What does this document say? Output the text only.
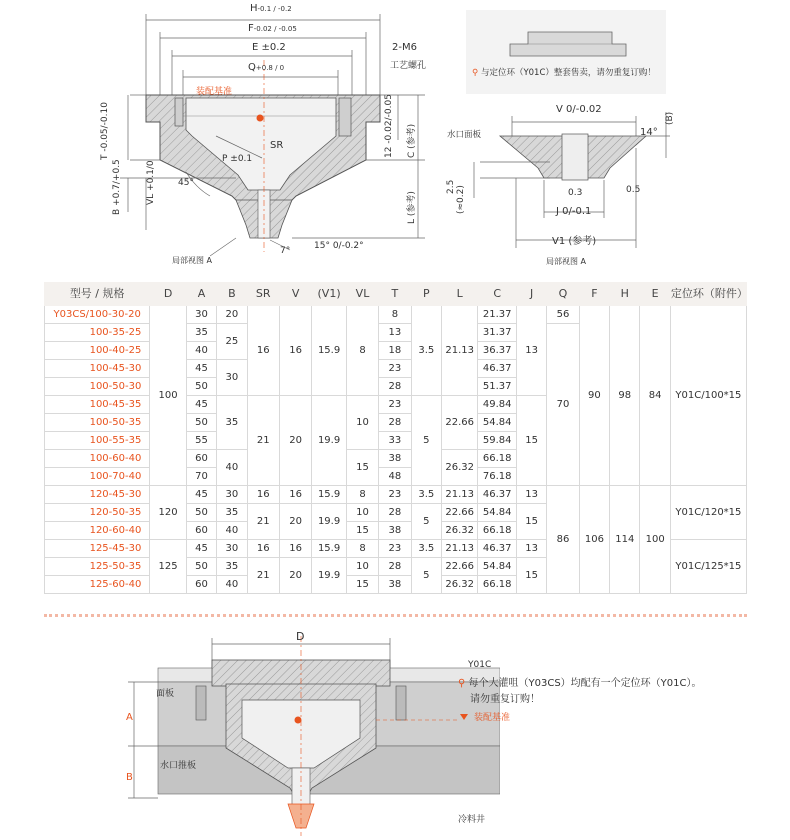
H-0.1 / -0.2
F-0.02 / -0.05
E ±0.2
Q+0.8 / 0
2-M6
工艺螺孔
装配基准
T -0.05/-0.10
B +0.7/+0.5	VL +0.1/0 45°
SR
P ±0.1
12 -0.02/-0.05	C (参考)
L (参考)
7°	15° 0/-0.2°
局部视图 A
⚲ 与定位环（Y01C）整套售卖，请勿重复订购！
V 0/-0.02
14°
(B)
水口面板
2.5 (≈0.2)	0.3	0.5
J 0/-0.1
V1 (参考)
局部视图 A
型号 / 规格	D	A	B	SR	V	(V1)	VL	T	P	L	C	J	Q	F	H	E	定位环（附件）
Y03CS/100-30-20	100	30	20	16	16	15.9	8	8	3.5	21.13	21.37	13	56	90	98	84	Y01C/100*15
100-35-25		35	25					13			31.37		70				
100-40-25		40						18			36.37						
100-45-30		45	30					23			46.37						
100-50-30		50						28			51.37						
100-45-35		45	35	21	20	19.9	10	23	5	22.66	49.84	15					
100-50-35		50						28			54.84						
100-55-35		55						33			59.84						
100-60-40		60	40				15	38		26.32	66.18						
100-70-40		70						48			76.18						
120-45-30	120	45	30	16	16	15.9	8	23	3.5	21.13	46.37	13	86	106	114	100	Y01C/120*15
120-50-35		50	35	21	20	19.9	10	28	5	22.66	54.84	15					
120-60-40		60	40				15	38		26.32	66.18						
125-45-30	125	45	30	16	16	15.9	8	23	3.5	21.13	46.37	13					Y01C/125*15
125-50-35		50	35	21	20	19.9	10	28	5	22.66	54.84	15					
125-60-40		60	40				15	38		26.32	66.18						
D
Y01C
⚲ 每个大灌咀（Y03CS）均配有一个定位环（Y01C）。
请勿重复订购！
面板
A
B
装配基准
水口推板
冷料井
